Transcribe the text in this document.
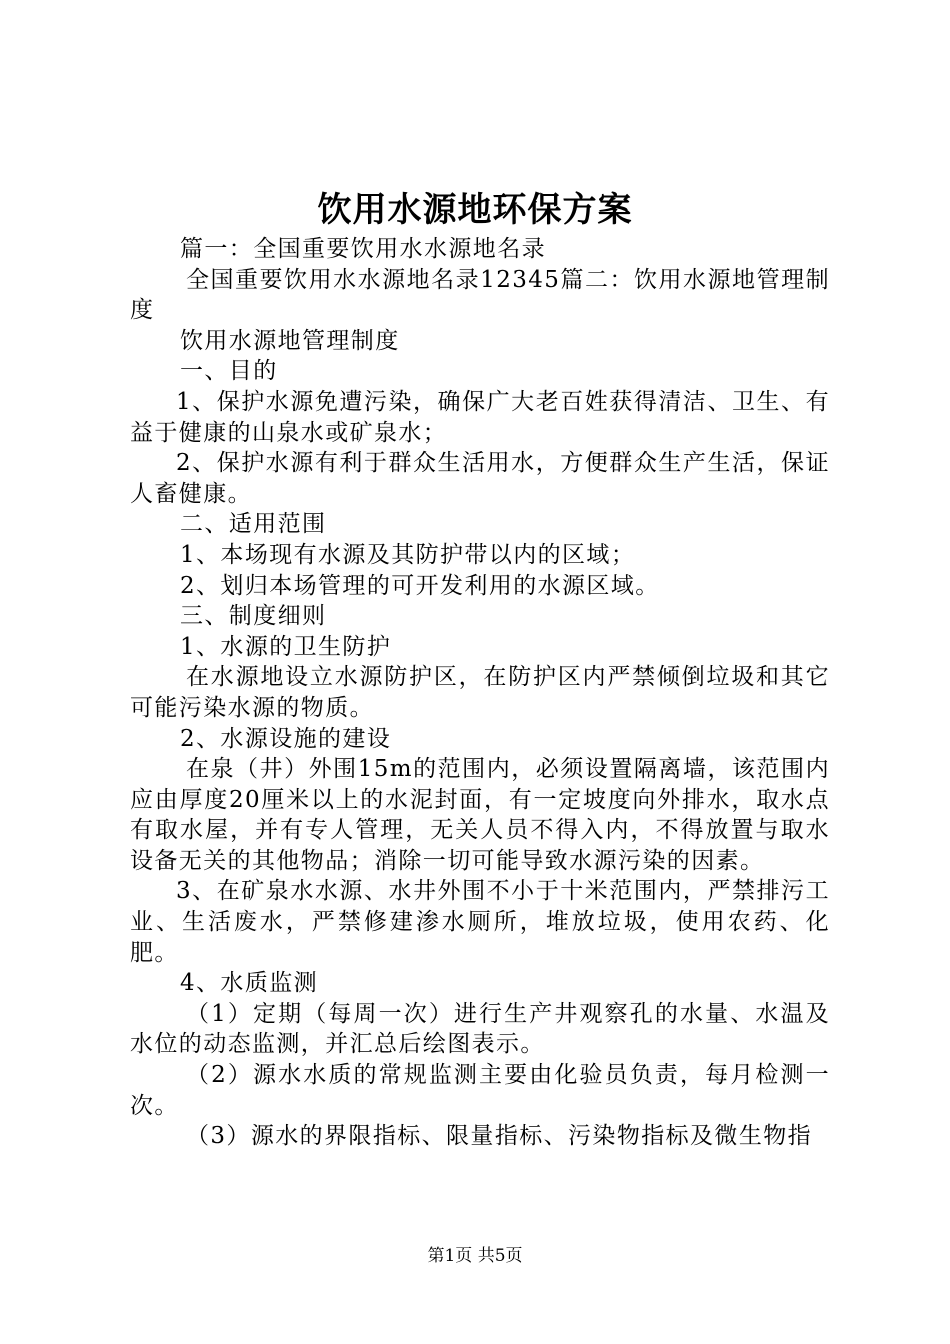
饮用水源地环保方案

篇一：全国重要饮用水水源地名录

全国重要饮用水水源地名录12345篇二：饮用水源地管理制度

饮用水源地管理制度

一、目的

1、保护水源免遭污染，确保广大老百姓获得清洁、卫生、有益于健康的山泉水或矿泉水；

2、保护水源有利于群众生活用水，方便群众生产生活，保证人畜健康。

二、适用范围

1、本场现有水源及其防护带以内的区域；

2、划归本场管理的可开发利用的水源区域。

三、制度细则

1、水源的卫生防护

在水源地设立水源防护区，在防护区内严禁倾倒垃圾和其它可能污染水源的物质。

2、水源设施的建设

在泉（井）外围15m的范围内，必须设置隔离墙，该范围内应由厚度20厘米以上的水泥封面，有一定坡度向外排水，取水点有取水屋，并有专人管理，无关人员不得入内，不得放置与取水设备无关的其他物品；消除一切可能导致水源污染的因素。

3、在矿泉水水源、水井外围不小于十米范围内，严禁排污工业、生活废水，严禁修建渗水厕所，堆放垃圾，使用农药、化肥。

4、水质监测

（1）定期（每周一次）进行生产井观察孔的水量、水温及水位的动态监测，并汇总后绘图表示。

（2）源水水质的常规监测主要由化验员负责，每月检测一次。

（3）源水的界限指标、限量指标、污染物指标及微生物指

第1页 共5页
